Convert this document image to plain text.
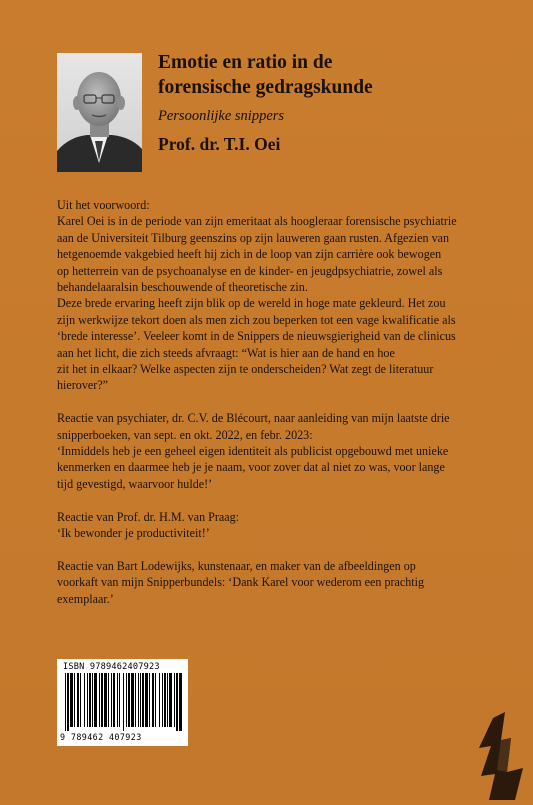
Emotie en ratio in de
forensische gedragskunde
Persoonlijke snippers
Prof. dr. T.I. Oei

Uit het voorwoord:
Karel Oei is in de periode van zijn emeritaat als hoogleraar forensische psychiatrie
aan de Universiteit Tilburg geenszins op zijn lauweren gaan rusten. Afgezien van
hetgenoemde vakgebied heeft hij zich in de loop van zijn carrière ook bewogen
op hetterrein van de psychoanalyse en de kinder- en jeugdpsychiatrie, zowel als
behandelaaralsin beschouwende of theoretische zin.
Deze brede ervaring heeft zijn blik op de wereld in hoge mate gekleurd. Het zou
zijn werkwijze tekort doen als men zich zou beperken tot een vage kwalificatie als
‘brede interesse’. Veeleer komt in de Snippers de nieuwsgierigheid van de clinicus
aan het licht, die zich steeds afvraagt: “Wat is hier aan de hand en hoe
zit het in elkaar? Welke aspecten zijn te onderscheiden? Wat zegt de literatuur
hierover?”

Reactie van psychiater, dr. C.V. de Blécourt, naar aanleiding van mijn laatste drie
snipperboeken, van sept. en okt. 2022, en febr. 2023:
‘Inmiddels heb je een geheel eigen identiteit als publicist opgebouwd met unieke
kenmerken en daarmee heb je je naam, voor zover dat al niet zo was, voor lange
tijd gevestigd, waarvoor hulde!’

Reactie van Prof. dr. H.M. van Praag:
‘Ik bewonder je productiviteit!’

Reactie van Bart Lodewijks, kunstenaar, en maker van de afbeeldingen op
voorkaft van mijn Snipperbundels: ‘Dank Karel voor wederom een prachtig
exemplaar.’

ISBN 9789462407923
9 789462 407923
